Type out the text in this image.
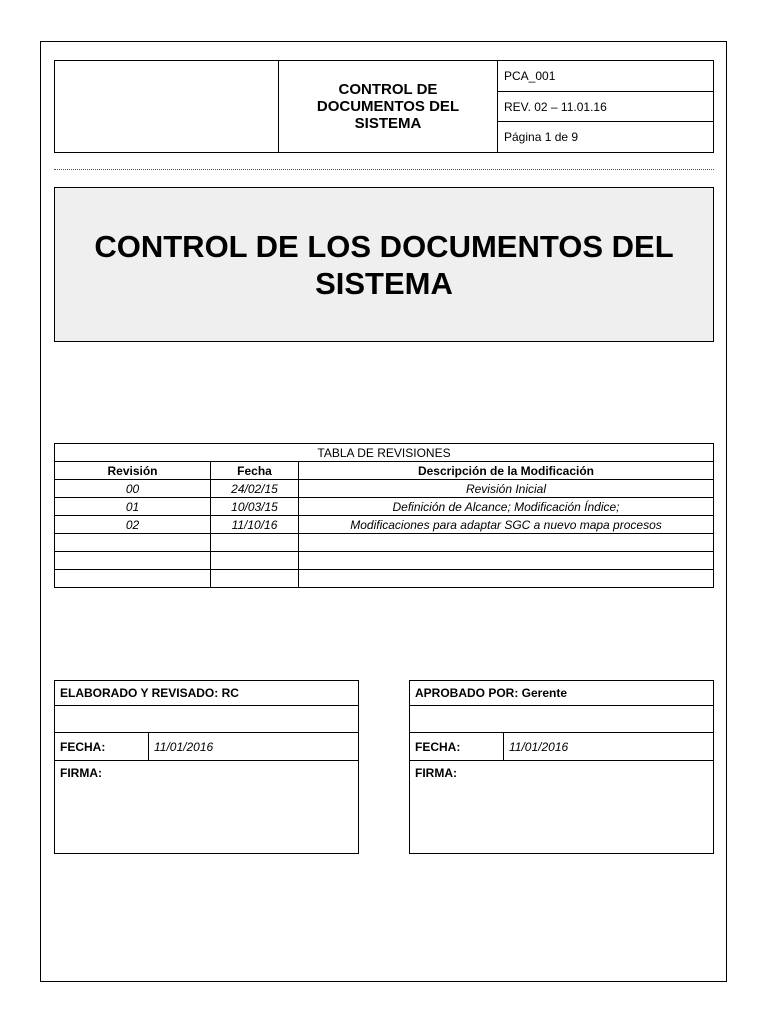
CONTROL DE DOCUMENTOS DEL SISTEMA
PCA_001
REV. 02 – 11.01.16
Página 1 de 9
CONTROL DE LOS DOCUMENTOS DEL SISTEMA
TABLA DE REVISIONES		
Revisión	Fecha	Descripción de la Modificación
00	24/02/15	Revisión Inicial
01	10/03/15	Definición de Alcance; Modificación Índice;
02	11/10/16	Modificaciones para adaptar SGC a nuevo mapa procesos

ELABORADO Y REVISADO: RC
FECHA:	11/01/2016
FIRMA:
APROBADO POR: Gerente
FECHA:	11/01/2016
FIRMA:
